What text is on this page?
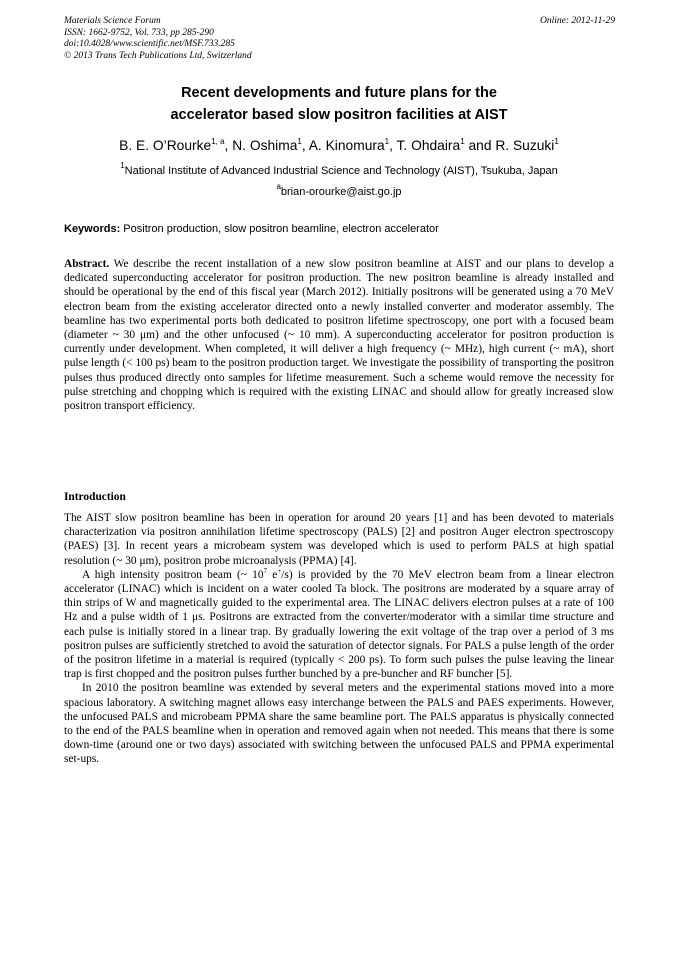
Materials Science Forum
ISSN: 1662-9752, Vol. 733, pp 285-290
doi:10.4028/www.scientific.net/MSF.733.285
© 2013 Trans Tech Publications Ltd, Switzerland
Online: 2012-11-29
Recent developments and future plans for the
accelerator based slow positron facilities at AIST
B. E. O’Rourke$^{1, a}$, N. Oshima$^1$, A. Kinomura$^1$, T. Ohdaira$^1$ and R. Suzuki$^1$
$^1$National Institute of Advanced Industrial Science and Technology (AIST), Tsukuba, Japan
$^a$brian-orourke@aist.go.jp
Keywords: Positron production, slow positron beamline, electron accelerator
Abstract. We describe the recent installation of a new slow positron beamline at AIST and our plans to develop a dedicated superconducting accelerator for positron production. The new positron beamline is already installed and should be operational by the end of this fiscal year (March 2012). Initially positrons will be generated using a 70 MeV electron beam from the existing accelerator directed onto a newly installed converter and moderator assembly. The beamline has two experimental ports both dedicated to positron lifetime spectroscopy, one port with a focused beam (diameter ~ 30 μm) and the other unfocused (~ 10 mm). A superconducting accelerator for positron production is currently under development. When completed, it will deliver a high frequency (~ MHz), high current (~ mA), short pulse length (< 100 ps) beam to the positron production target. We investigate the possibility of transporting the positron pulses thus produced directly onto samples for lifetime measurement. Such a scheme would remove the necessity for pulse stretching and chopping which is required with the existing LINAC and should allow for greatly increased slow positron transport efficiency.
Introduction

The AIST slow positron beamline has been in operation for around 20 years [1] and has been devoted to materials characterization via positron annihilation lifetime spectroscopy (PALS) [2] and positron Auger electron spectroscopy (PAES) [3]. In recent years a microbeam system was developed which is used to perform PALS at high spatial resolution (~ 30 μm), positron probe microanalysis (PPMA) [4].

A high intensity positron beam (~ $10^7$ e+/s) is provided by the 70 MeV electron beam from a linear electron accelerator (LINAC) which is incident on a water cooled Ta block. The positrons are moderated by a square array of thin strips of W and magnetically guided to the experimental area. The LINAC delivers electron pulses at a rate of 100 Hz and a pulse width of 1 μs. Positrons are extracted from the converter/moderator with a similar time structure and each pulse is initially stored in a linear trap. By gradually lowering the exit voltage of the trap over a period of 3 ms positron pulses are sufficiently stretched to avoid the saturation of detector signals. For PALS a pulse length of the order of the positron lifetime in a material is required (typically < 200 ps). To form such pulses the pulse leaving the linear trap is first chopped and the positron pulses further bunched by a pre-buncher and RF buncher [5].

In 2010 the positron beamline was extended by several meters and the experimental stations moved into a more spacious laboratory. A switching magnet allows easy interchange between the PALS and PAES experiments. However, the unfocused PALS and microbeam PPMA share the same beamline port. The PALS apparatus is physically connected to the end of the PALS beamline when in operation and removed again when not needed. This means that there is some down-time (around one or two days) associated with switching between the unfocused PALS and PPMA experimental set-ups.
